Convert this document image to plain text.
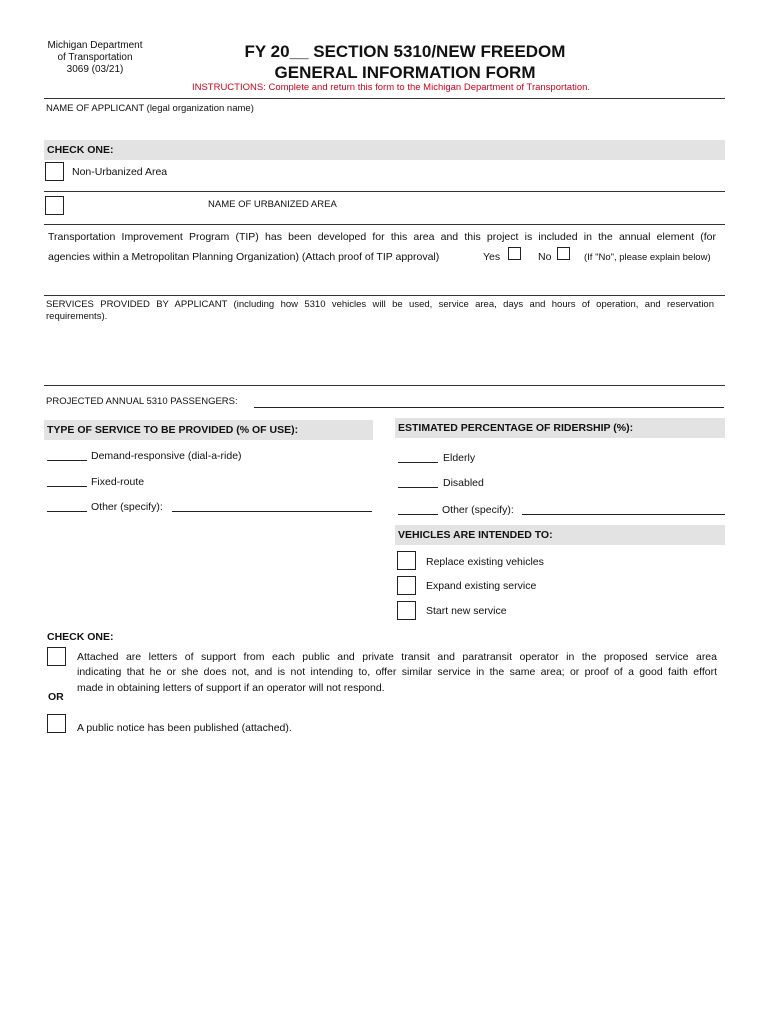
Michigan Department
of Transportation
3069 (03/21)
FY 20__ SECTION 5310/NEW FREEDOM
GENERAL INFORMATION FORM
INSTRUCTIONS: Complete and return this form to the Michigan Department of Transportation.
NAME OF APPLICANT (legal organization name)
CHECK ONE:
Non-Urbanized Area
NAME OF URBANIZED AREA
Transportation Improvement Program (TIP) has been developed for this area and this project is included in the annual element (for
agencies within a Metropolitan Planning Organization) (Attach proof of TIP approval)	Yes	No	(If "No", please explain below)
SERVICES PROVIDED BY APPLICANT (including how 5310 vehicles will be used, service area, days and hours of operation, and reservation
requirements).
PROJECTED ANNUAL 5310 PASSENGERS:
TYPE OF SERVICE TO BE PROVIDED (% OF USE):
Demand-responsive (dial-a-ride)
Fixed-route
Other (specify):
ESTIMATED PERCENTAGE OF RIDERSHIP (%):
Elderly
Disabled
Other (specify):
VEHICLES ARE INTENDED TO:
Replace existing vehicles
Expand existing service
Start new service
CHECK ONE:
Attached are letters of support from each public and private transit and paratransit operator in the proposed service area
indicating that he or she does not, and is not intending to, offer similar service in the same area; or proof of a good faith effort
made in obtaining letters of support if an operator will not respond.
OR
A public notice has been published (attached).
